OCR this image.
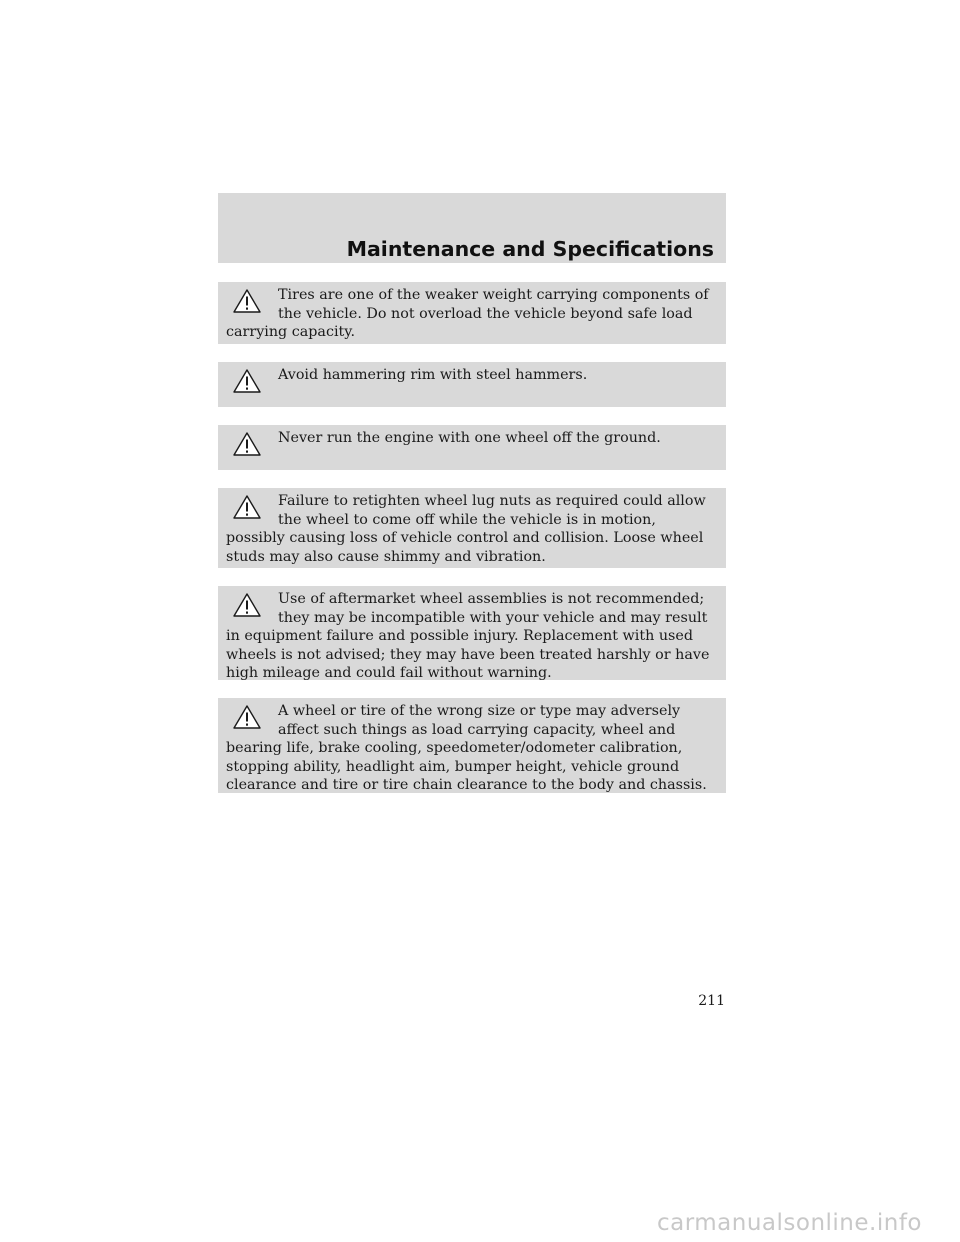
Maintenance and Specifications

Tires are one of the weaker weight carrying components of the vehicle. Do not overload the vehicle beyond safe load carrying capacity.

Avoid hammering rim with steel hammers.

Never run the engine with one wheel off the ground.

Failure to retighten wheel lug nuts as required could allow the wheel to come off while the vehicle is in motion, possibly causing loss of vehicle control and collision. Loose wheel studs may also cause shimmy and vibration.

Use of aftermarket wheel assemblies is not recommended; they may be incompatible with your vehicle and may result in equipment failure and possible injury. Replacement with used wheels is not advised; they may have been treated harshly or have high mileage and could fail without warning.

A wheel or tire of the wrong size or type may adversely affect such things as load carrying capacity, wheel and bearing life, brake cooling, speedometer/odometer calibration, stopping ability, headlight aim, bumper height, vehicle ground clearance and tire or tire chain clearance to the body and chassis.

211
carmanualsonline.info
